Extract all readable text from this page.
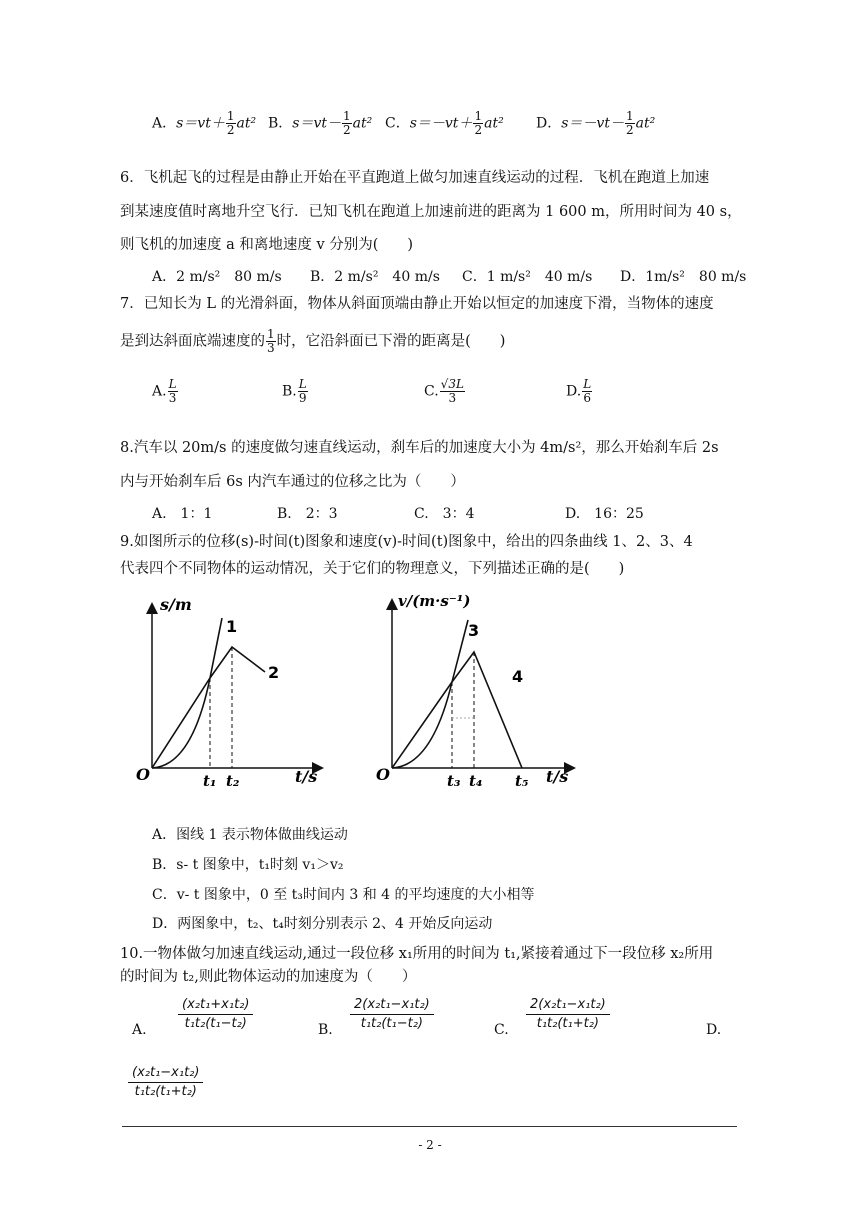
A．$s=vt+ \frac{1}{2} at^2$ B．$s=vt- \frac{1}{2} at^2$ C．$s=-vt+ \frac{1}{2} at^2$ D．$s=-vt- \frac{1}{2} at^2$
6．飞机起飞的过程是由静止开始在平直跑道上做匀加速直线运动的过程．飞机在跑道上加速
到某速度值时离地升空飞行．已知飞机在跑道上加速前进的距离为 1 600 m，所用时间为 40 s，
则飞机的加速度 a 和离地速度 v 分别为(　　)
A．2 m/s²　80 m/s B．2 m/s²　40 m/s C．1 m/s²　40 m/s D．1m/s²　80 m/s
7．已知长为 L 的光滑斜面，物体从斜面顶端由静止开始以恒定的加速度下滑，当物体的速度
是到达斜面底端速度的 $\frac{1}{3}$ 时，它沿斜面已下滑的距离是(　　)
A. $\frac{L}{3}$	B. $\frac{L}{9}$	C. $\frac{√3L}{3}$	D. $\frac{L}{6}$
8.汽车以 20m/s 的速度做匀速直线运动，刹车后的加速度大小为 4m/s²，那么开始刹车后 2s
内与开始刹车后 6s 内汽车通过的位移之比为（　　）
A.　1：1	B.　2：3	C.　3：4	D.　16：25
9.如图所示的位移(s)-时间(t)图象和速度(v)-时间(t)图象中，给出的四条曲线 1、2、3、4
代表四个不同物体的运动情况，关于它们的物理意义，下列描述正确的是(　　)
s/m
O	t/s
t₁ t₂
1
2
v/(m·s⁻¹)
O	t/s
t₃ t₄ t₅
3
4
A．图线 1 表示物体做曲线运动
B．s- t 图象中，t₁时刻 v₁＞v₂
C．v- t 图象中，0 至 t₃时间内 3 和 4 的平均速度的大小相等
D．两图象中，t₂、t₄时刻分别表示 2、4 开始反向运动
10.一物体做匀加速直线运动,通过一段位移 x₁所用的时间为 t₁,紧接着通过下一段位移 x₂所用
的时间为 t₂,则此物体运动的加速度为（　　）
A.
(x₂t₁+x₁t₂)
t₁t₂(t₁−t₂)	B.
2(x₂t₁−x₁t₂)
t₁t₂(t₁−t₂)	C.
2(x₂t₁−x₁t₂)
t₁t₂(t₁+t₂)	D.
(x₂t₁−x₁t₂)
t₁t₂(t₁+t₂)
- 2 -
